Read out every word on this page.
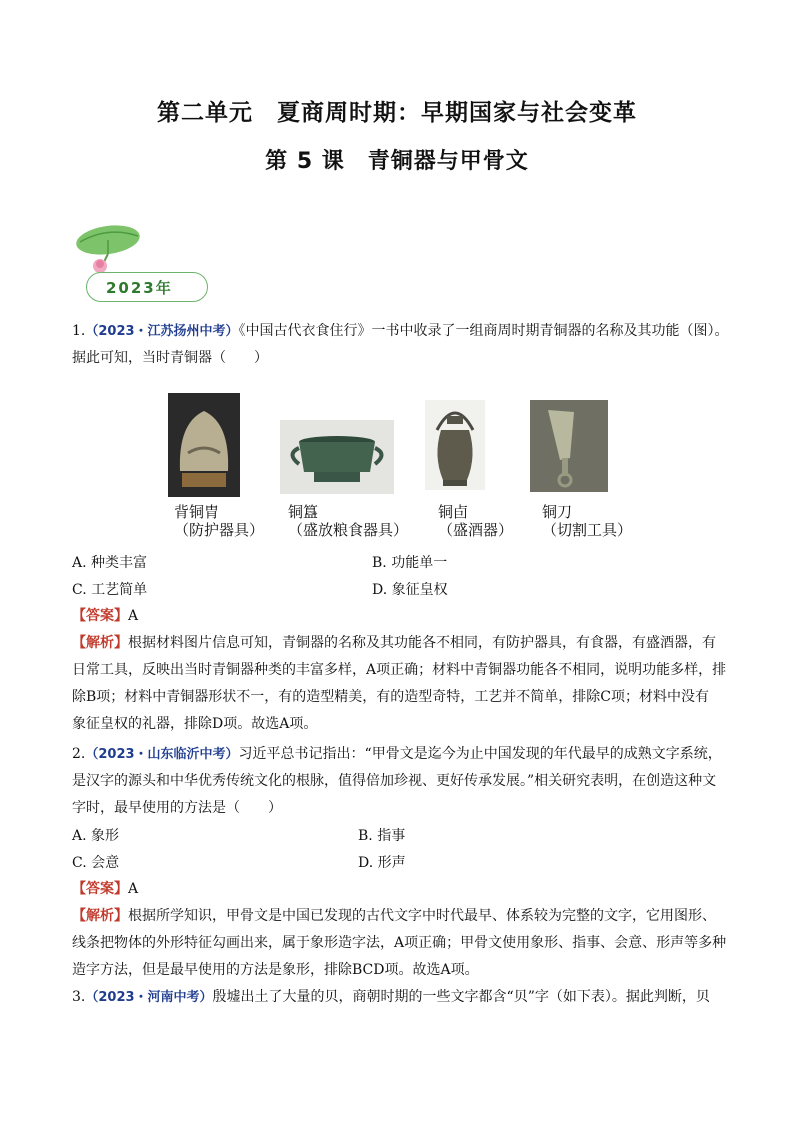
第二单元　夏商周时期：早期国家与社会变革
第 5 课　青铜器与甲骨文
2023年
1.（2023・江苏扬州中考）《中国古代衣食住行》一书中收录了一组商周时期青铜器的名称及其功能（图）。
据此可知，当时青铜器（　　）
背铜胄
（防护器具）
铜簋
（盛放粮食器具）
铜卣
（盛酒器）
铜刀
（切割工具）
A. 种类丰富	B. 功能单一
C. 工艺简单	D. 象征皇权
【答案】A
【解析】根据材料图片信息可知，青铜器的名称及其功能各不相同，有防护器具，有食器，有盛酒器，有
日常工具，反映出当时青铜器种类的丰富多样，A项正确；材料中青铜器功能各不相同，说明功能多样，排
除B项；材料中青铜器形状不一，有的造型精美，有的造型奇特，工艺并不简单，排除C项；材料中没有
象征皇权的礼器，排除D项。故选A项。
2.（2023・山东临沂中考）习近平总书记指出：“甲骨文是迄今为止中国发现的年代最早的成熟文字系统，
是汉字的源头和中华优秀传统文化的根脉，值得倍加珍视、更好传承发展。”相关研究表明，在创造这种文
字时，最早使用的方法是（　　）
A. 象形	B. 指事
C. 会意	D. 形声
【答案】A
【解析】根据所学知识，甲骨文是中国已发现的古代文字中时代最早、体系较为完整的文字，它用图形、
线条把物体的外形特征勾画出来，属于象形造字法，A项正确；甲骨文使用象形、指事、会意、形声等多种
造字方法，但是最早使用的方法是象形，排除BCD项。故选A项。
3.（2023・河南中考）殷墟出土了大量的贝，商朝时期的一些文字都含“贝”字（如下表）。据此判断，贝
